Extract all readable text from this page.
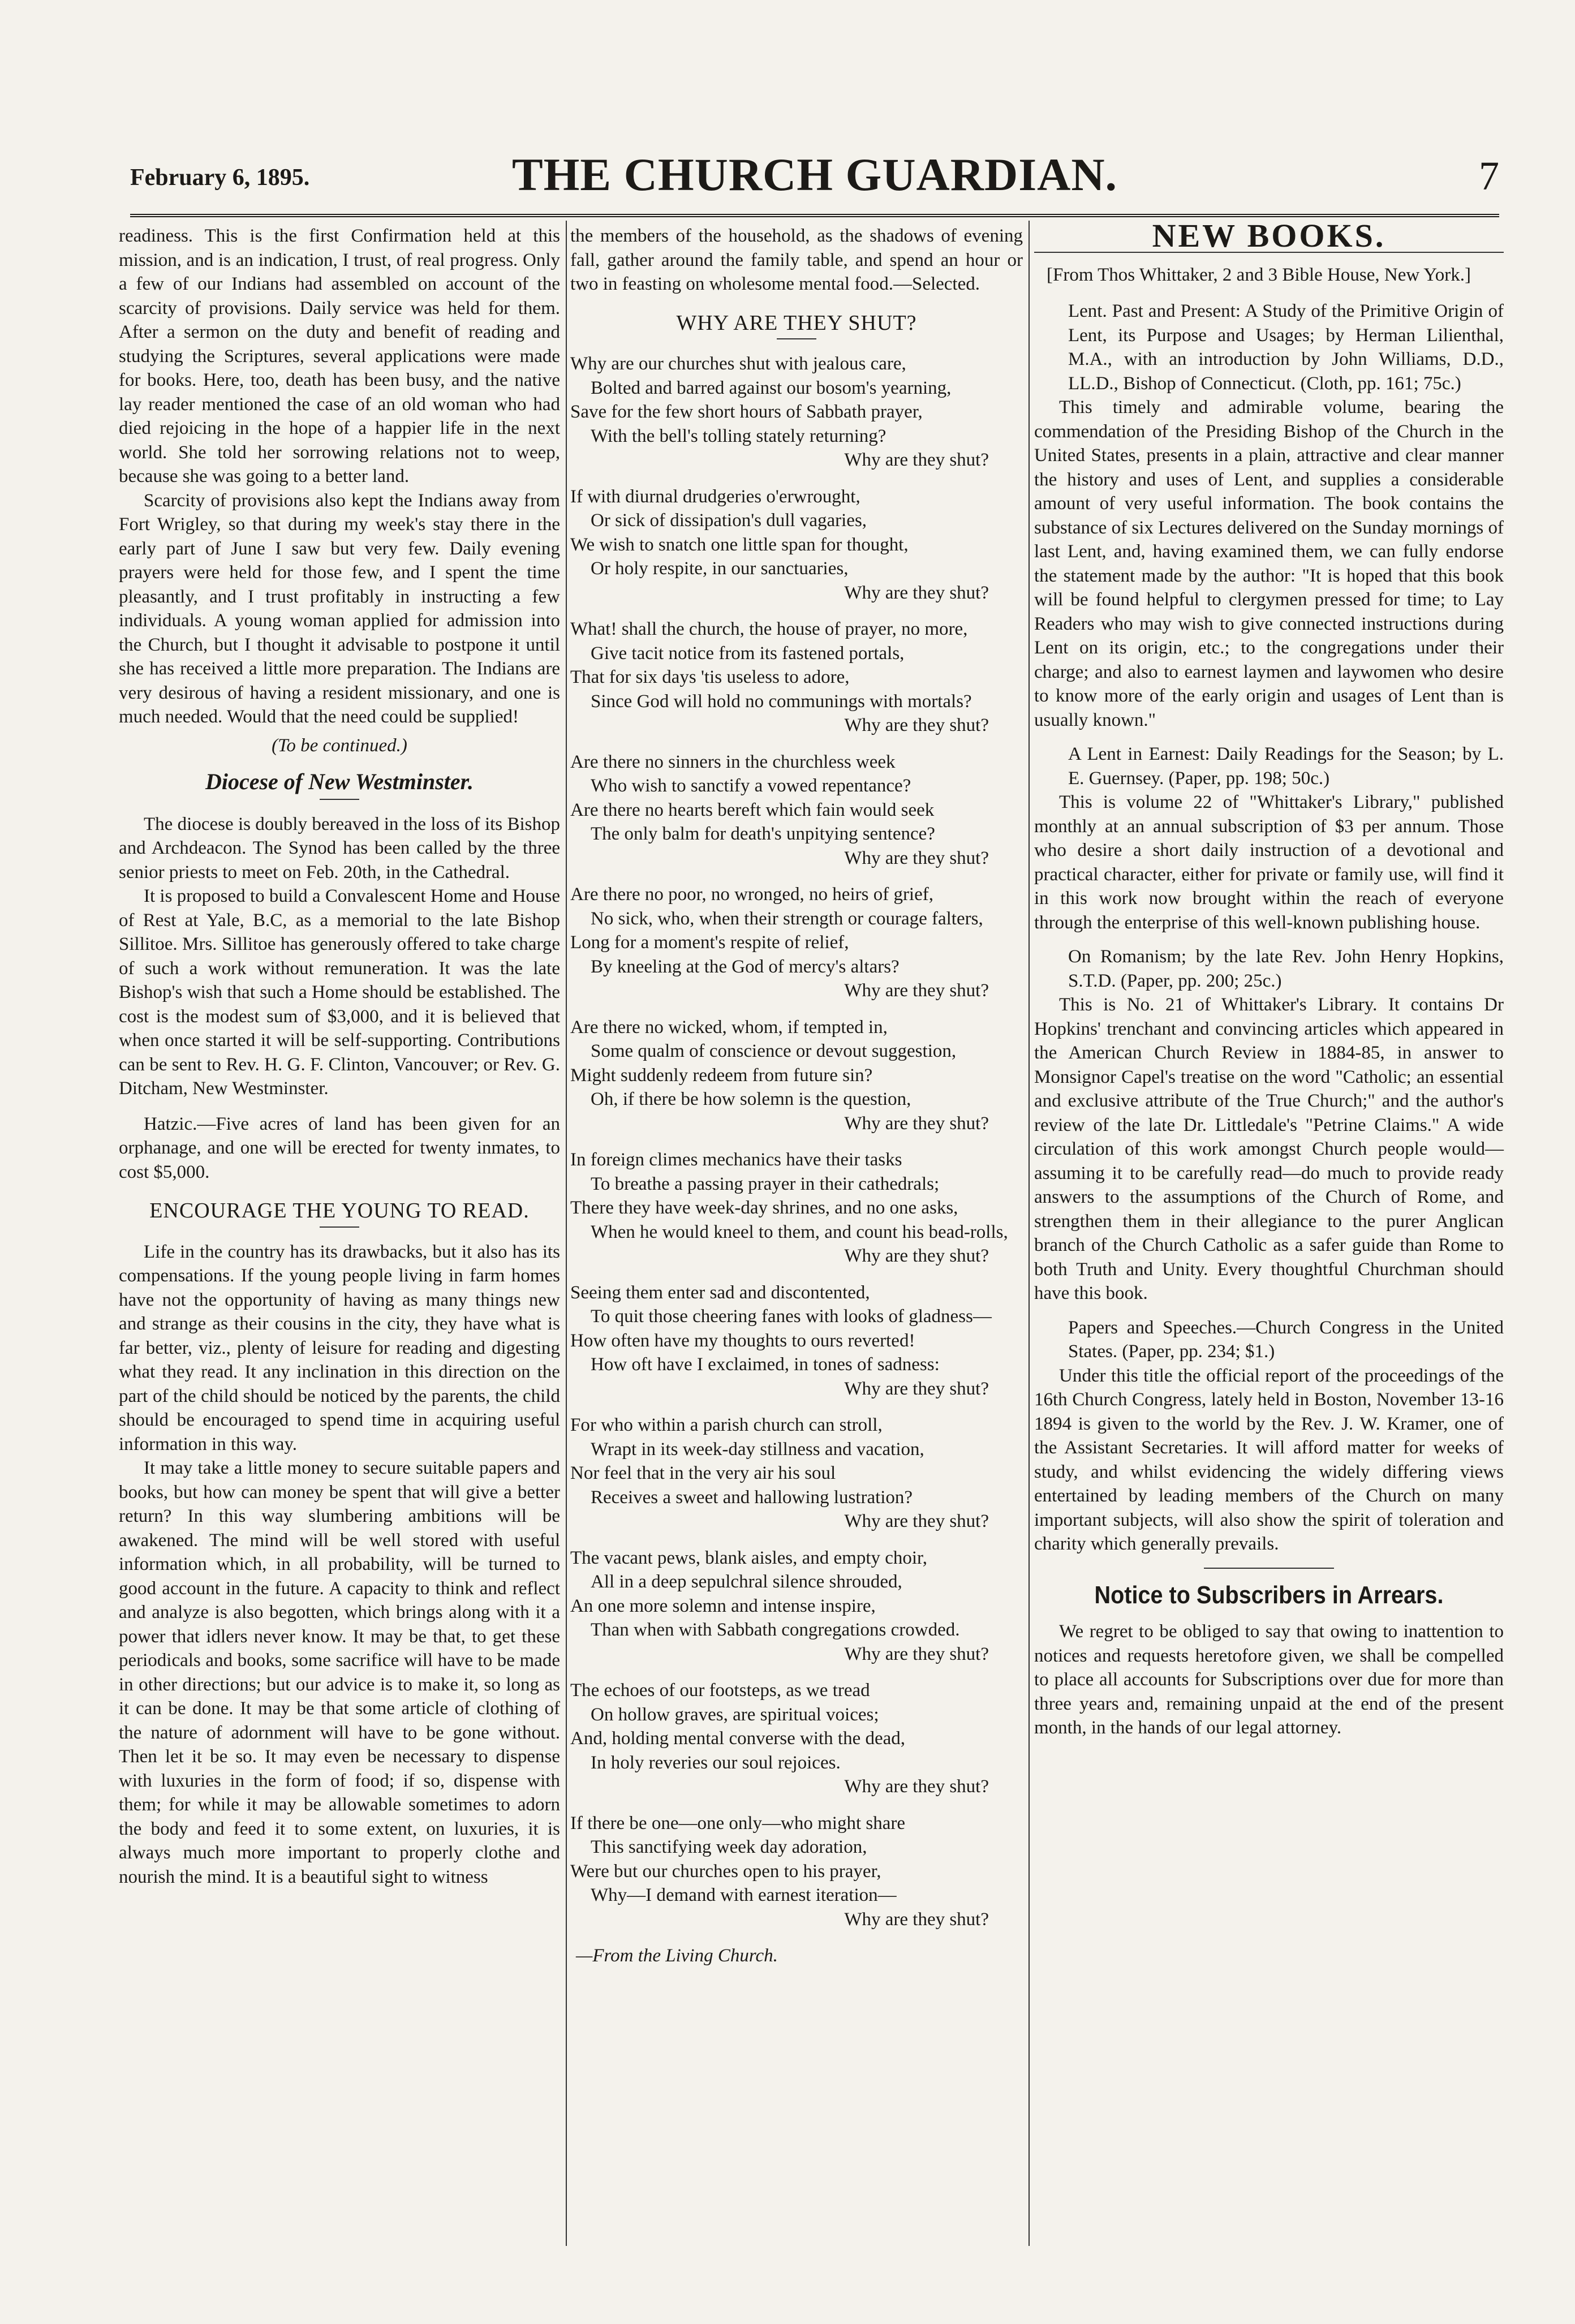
February 6, 1895.	THE CHURCH GUARDIAN.	7

readiness. This is the first Confirmation held at this mission, and is an indication, I trust, of real progress. Only a few of our Indians had assembled on account of the scarcity of provisions. Daily service was held for them. After a sermon on the duty and benefit of reading and studying the Scriptures, several applications were made for books. Here, too, death has been busy, and the native lay reader mentioned the case of an old woman who had died rejoicing in the hope of a happier life in the next world. She told her sorrowing relations not to weep, because she was going to a better land.

Scarcity of provisions also kept the Indians away from Fort Wrigley, so that during my week's stay there in the early part of June I saw but very few. Daily evening prayers were held for those few, and I spent the time pleasantly, and I trust profitably in instructing a few individuals. A young woman applied for admission into the Church, but I thought it advisable to postpone it until she has received a little more preparation. The Indians are very desirous of having a resident missionary, and one is much needed. Would that the need could be supplied!

(To be continued.)
Diocese of New Westminster.

The diocese is doubly bereaved in the loss of its Bishop and Archdeacon. The Synod has been called by the three senior priests to meet on Feb. 20th, in the Cathedral.

It is proposed to build a Convalescent Home and House of Rest at Yale, B.C, as a memorial to the late Bishop Sillitoe. Mrs. Sillitoe has generously offered to take charge of such a work without remuneration. It was the late Bishop's wish that such a Home should be established. The cost is the modest sum of $3,000, and it is believed that when once started it will be self-supporting. Contributions can be sent to Rev. H. G. F. Clinton, Vancouver; or Rev. G. Ditcham, New Westminster.

Hatzic.—Five acres of land has been given for an orphanage, and one will be erected for twenty inmates, to cost $5,000.

ENCOURAGE THE YOUNG TO READ.

Life in the country has its drawbacks, but it also has its compensations. If the young people living in farm homes have not the opportunity of having as many things new and strange as their cousins in the city, they have what is far better, viz., plenty of leisure for reading and digesting what they read. It any inclination in this direction on the part of the child should be noticed by the parents, the child should be encouraged to spend time in acquiring useful information in this way.

It may take a little money to secure suitable papers and books, but how can money be spent that will give a better return? In this way slumbering ambitions will be awakened. The mind will be well stored with useful information which, in all probability, will be turned to good account in the future. A capacity to think and reflect and analyze is also begotten, which brings along with it a power that idlers never know. It may be that, to get these periodicals and books, some sacrifice will have to be made in other directions; but our advice is to make it, so long as it can be done. It may be that some article of clothing of the nature of adornment will have to be gone without. Then let it be so. It may even be necessary to dispense with luxuries in the form of food; if so, dispense with them; for while it may be allowable sometimes to adorn the body and feed it to some extent, on luxuries, it is always much more important to properly clothe and nourish the mind. It is a beautiful sight to witness

the members of the household, as the shadows of evening fall, gather around the family table, and spend an hour or two in feasting on wholesome mental food.—Selected.

WHY ARE THEY SHUT?
Why are our churches shut with jealous care,
Bolted and barred against our bosom's yearning,
Save for the few short hours of Sabbath prayer,
With the bell's tolling stately returning?
Why are they shut?
If with diurnal drudgeries o'erwrought,
Or sick of dissipation's dull vagaries,
We wish to snatch one little span for thought,
Or holy respite, in our sanctuaries,
Why are they shut?
What! shall the church, the house of prayer, no more,
Give tacit notice from its fastened portals,
That for six days 'tis useless to adore,
Since God will hold no communings with mortals?
Why are they shut?
Are there no sinners in the churchless week
Who wish to sanctify a vowed repentance?
Are there no hearts bereft which fain would seek
The only balm for death's unpitying sentence?
Why are they shut?
Are there no poor, no wronged, no heirs of grief,
No sick, who, when their strength or courage falters,
Long for a moment's respite of relief,
By kneeling at the God of mercy's altars?
Why are they shut?
Are there no wicked, whom, if tempted in,
Some qualm of conscience or devout suggestion,
Might suddenly redeem from future sin?
Oh, if there be how solemn is the question,
Why are they shut?
In foreign climes mechanics have their tasks
To breathe a passing prayer in their cathedrals;
There they have week-day shrines, and no one asks,
When he would kneel to them, and count his bead-rolls,
Why are they shut?
Seeing them enter sad and discontented,
To quit those cheering fanes with looks of gladness—
How often have my thoughts to ours reverted!
How oft have I exclaimed, in tones of sadness:
Why are they shut?
For who within a parish church can stroll,
Wrapt in its week-day stillness and vacation,
Nor feel that in the very air his soul
Receives a sweet and hallowing lustration?
Why are they shut?
The vacant pews, blank aisles, and empty choir,
All in a deep sepulchral silence shrouded,
An one more solemn and intense inspire,
Than when with Sabbath congregations crowded.
Why are they shut?
The echoes of our footsteps, as we tread
On hollow graves, are spiritual voices;
And, holding mental converse with the dead,
In holy reveries our soul rejoices.
Why are they shut?
If there be one—one only—who might share
This sanctifying week day adoration,
Were but our churches open to his prayer,
Why—I demand with earnest iteration—
Why are they shut?
—From the Living Church.
NEW BOOKS.
[From Thos Whittaker, 2 and 3 Bible House, New York.]

Lent. Past and Present: A Study of the Primitive Origin of Lent, its Purpose and Usages; by Herman Lilienthal, M.A., with an introduction by John Williams, D.D., LL.D., Bishop of Connecticut. (Cloth, pp. 161; 75c.)

This timely and admirable volume, bearing the commendation of the Presiding Bishop of the Church in the United States, presents in a plain, attractive and clear manner the history and uses of Lent, and supplies a considerable amount of very useful information. The book contains the substance of six Lectures delivered on the Sunday mornings of last Lent, and, having examined them, we can fully endorse the statement made by the author: "It is hoped that this book will be found helpful to clergymen pressed for time; to Lay Readers who may wish to give connected instructions during Lent on its origin, etc.; to the congregations under their charge; and also to earnest laymen and laywomen who desire to know more of the early origin and usages of Lent than is usually known."

A Lent in Earnest: Daily Readings for the Season; by L. E. Guernsey. (Paper, pp. 198; 50c.)

This is volume 22 of "Whittaker's Library," published monthly at an annual subscription of $3 per annum. Those who desire a short daily instruction of a devotional and practical character, either for private or family use, will find it in this work now brought within the reach of everyone through the enterprise of this well-known publishing house.

On Romanism; by the late Rev. John Henry Hopkins, S.T.D. (Paper, pp. 200; 25c.)

This is No. 21 of Whittaker's Library. It contains Dr Hopkins' trenchant and convincing articles which appeared in the American Church Review in 1884-85, in answer to Monsignor Capel's treatise on the word "Catholic; an essential and exclusive attribute of the True Church;" and the author's review of the late Dr. Littledale's "Petrine Claims." A wide circulation of this work amongst Church people would—assuming it to be carefully read—do much to provide ready answers to the assumptions of the Church of Rome, and strengthen them in their allegiance to the purer Anglican branch of the Church Catholic as a safer guide than Rome to both Truth and Unity. Every thoughtful Churchman should have this book.

Papers and Speeches.—Church Congress in the United States. (Paper, pp. 234; $1.)

Under this title the official report of the proceedings of the 16th Church Congress, lately held in Boston, November 13-16 1894 is given to the world by the Rev. J. W. Kramer, one of the Assistant Secretaries. It will afford matter for weeks of study, and whilst evidencing the widely differing views entertained by leading members of the Church on many important subjects, will also show the spirit of toleration and charity which generally prevails.

Notice to Subscribers in Arrears.

We regret to be obliged to say that owing to inattention to notices and requests heretofore given, we shall be compelled to place all accounts for Subscriptions over due for more than three years and, remaining unpaid at the end of the present month, in the hands of our legal attorney.
